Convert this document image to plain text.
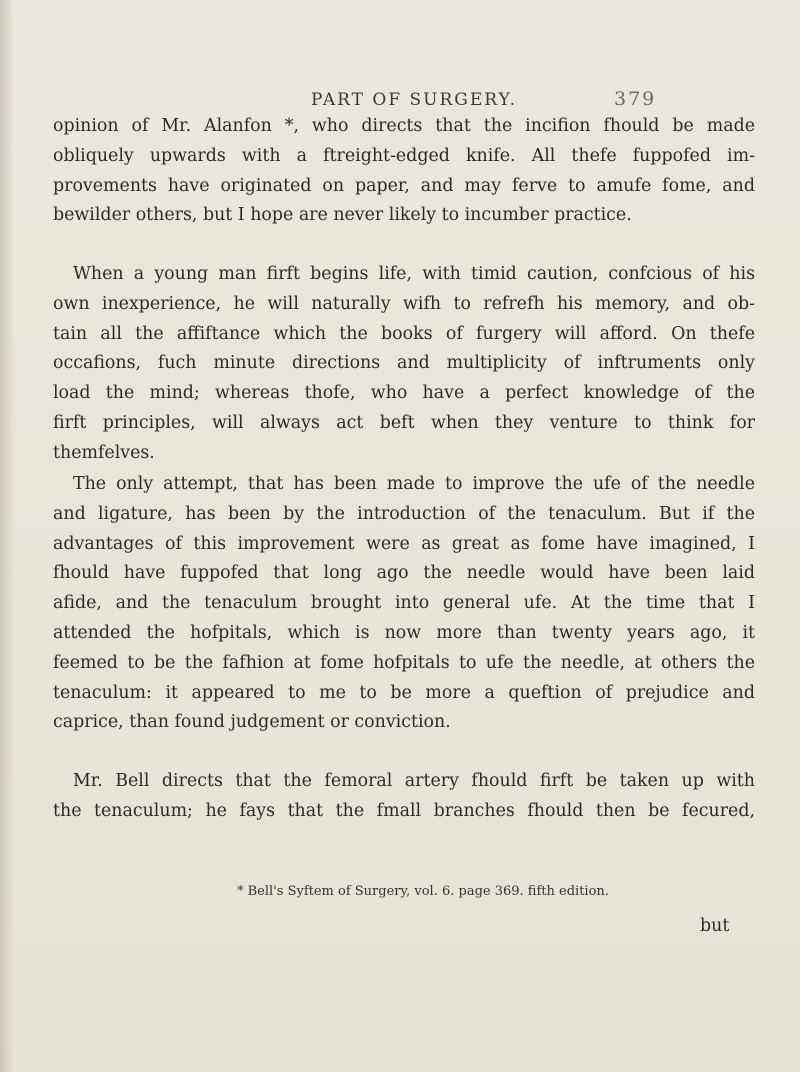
PART OF SURGERY.	379
opinion of Mr. Alanfon *, who directs that the incifion fhould be made
obliquely upwards with a ftreight-edged knife. All thefe fuppofed im-
provements have originated on paper, and may ferve to amufe fome, and
bewilder others, but I hope are never likely to incumber practice.
When a young man firft begins life, with timid caution, confcious of his
own inexperience, he will naturally wifh to refrefh his memory, and ob-
tain all the affiftance which the books of furgery will afford. On thefe
occafions, fuch minute directions and multiplicity of inftruments only
load the mind; whereas thofe, who have a perfect knowledge of the
firft principles, will always act beft when they venture to think for
themfelves.
The only attempt, that has been made to improve the ufe of the needle
and ligature, has been by the introduction of the tenaculum. But if the
advantages of this improvement were as great as fome have imagined, I
fhould have fuppofed that long ago the needle would have been laid
afide, and the tenaculum brought into general ufe. At the time that I
attended the hofpitals, which is now more than twenty years ago, it
feemed to be the fafhion at fome hofpitals to ufe the needle, at others the
tenaculum: it appeared to me to be more a queftion of prejudice and
caprice, than found judgement or conviction.
Mr. Bell directs that the femoral artery fhould firft be taken up with
the tenaculum; he fays that the fmall branches fhould then be fecured,
* Bell's Syftem of Surgery, vol. 6. page 369. fifth edition.
but
